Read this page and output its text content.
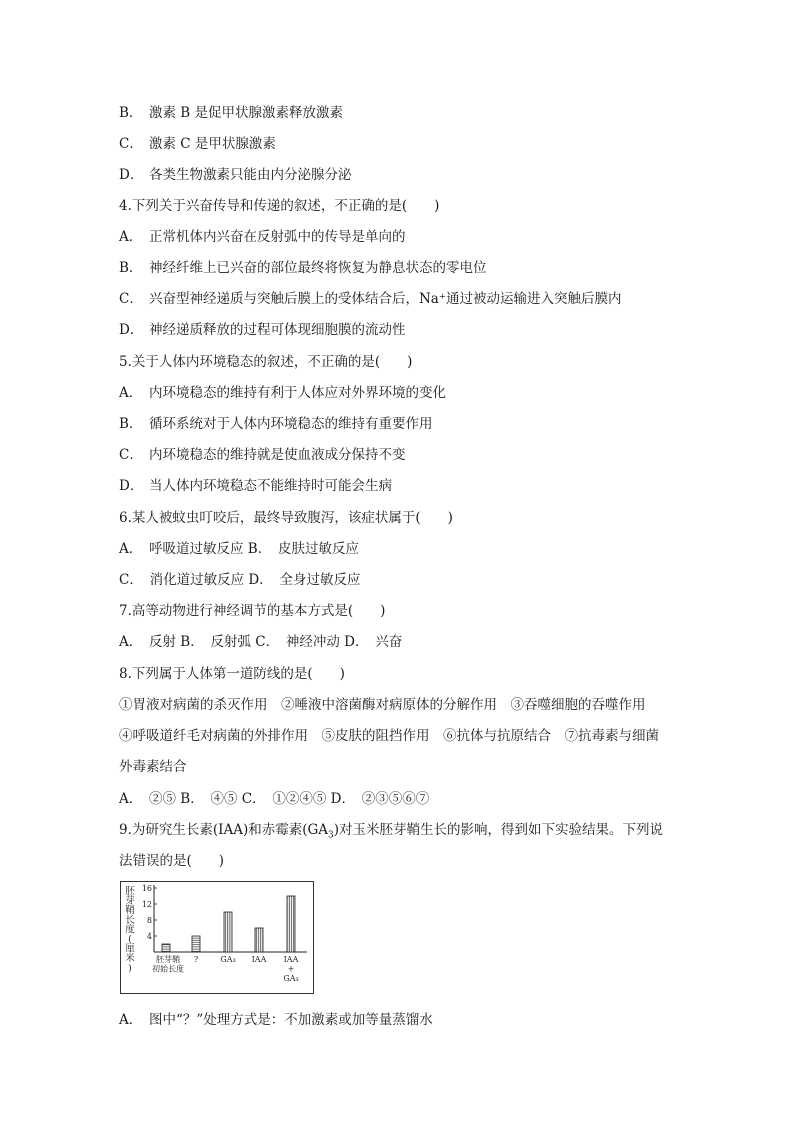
B． 激素 B 是促甲状腺激素释放激素
C． 激素 C 是甲状腺激素
D． 各类生物激素只能由内分泌腺分泌
4.下列关于兴奋传导和传递的叙述，不正确的是(　　)
A． 正常机体内兴奋在反射弧中的传导是单向的
B． 神经纤维上已兴奋的部位最终将恢复为静息状态的零电位
C． 兴奋型神经递质与突触后膜上的受体结合后，Na⁺通过被动运输进入突触后膜内
D． 神经递质释放的过程可体现细胞膜的流动性
5.关于人体内环境稳态的叙述，不正确的是(　　)
A． 内环境稳态的维持有利于人体应对外界环境的变化
B． 循环系统对于人体内环境稳态的维持有重要作用
C． 内环境稳态的维持就是使血液成分保持不变
D． 当人体内环境稳态不能维持时可能会生病
6.某人被蚊虫叮咬后，最终导致腹泻，该症状属于(　　)
A．　呼吸道过敏反应 B．　皮肤过敏反应
C．　消化道过敏反应 D．　全身过敏反应
7.高等动物进行神经调节的基本方式是(　　)
A．　反射 B．　反射弧 C．　神经冲动 D．　兴奋
8.下列属于人体第一道防线的是(　　)
①胃液对病菌的杀灭作用　②唾液中溶菌酶对病原体的分解作用　③吞噬细胞的吞噬作用
④呼吸道纤毛对病菌的外排作用　⑤皮肤的阻挡作用　⑥抗体与抗原结合　⑦抗毒素与细菌
外毒素结合
A．　②⑤ B．　④⑤ C．　①②④⑤ D．　②③⑤⑥⑦
9.为研究生长素(IAA)和赤霉素$(GA_3)$对玉米胚芽鞘生长的影响，得到如下实验结果。下列说
法错误的是(　　)
胚
芽
鞘
长
度
(
厘
米
)
4
8
12
16
胚芽鞘
初始长度
?	GA₃ IAA IAA
+
GA₃
A．　图中“？”处理方式是：不加激素或加等量蒸馏水
